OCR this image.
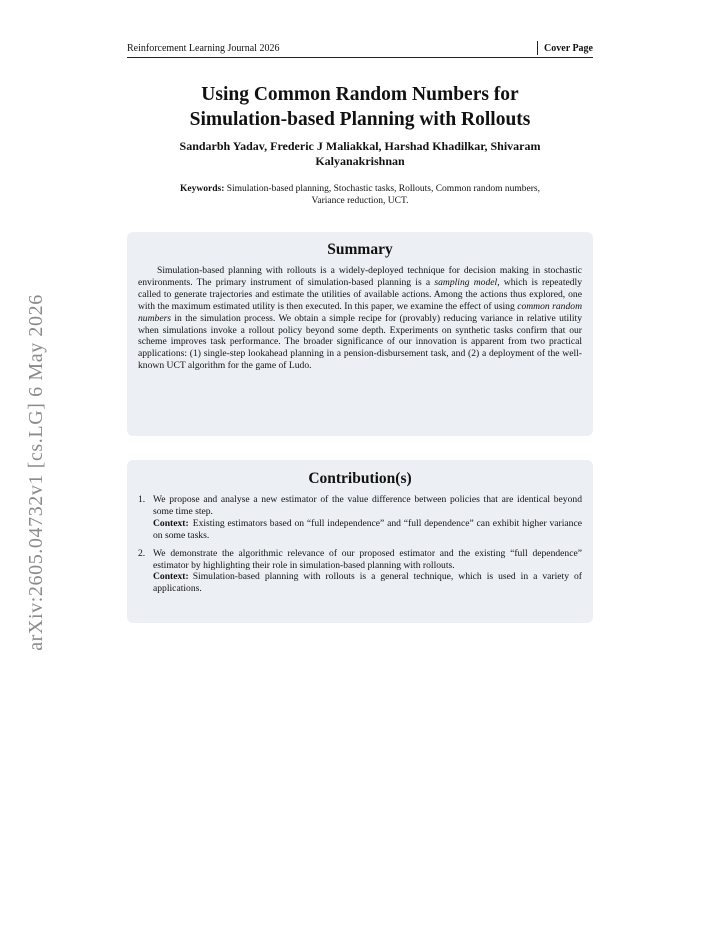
arXiv:2605.04732v1 [cs.LG] 6 May 2026
Reinforcement Learning Journal 2026	Cover Page
Using Common Random Numbers for
Simulation-based Planning with Rollouts
Sandarbh Yadav, Frederic J Maliakkal, Harshad Khadilkar, Shivaram
Kalyanakrishnan
Keywords: Simulation-based planning, Stochastic tasks, Rollouts, Common random numbers,
Variance reduction, UCT.
Summary

Simulation-based planning with rollouts is a widely-deployed technique for decision making in stochastic environments. The primary instrument of simulation-based planning is a sampling model, which is repeatedly called to generate trajectories and estimate the utilities of available actions. Among the actions thus explored, one with the maximum estimated utility is then executed. In this paper, we examine the effect of using common random numbers in the simulation process. We obtain a simple recipe for (provably) reducing variance in relative utility when simulations invoke a rollout policy beyond some depth. Experiments on synthetic tasks confirm that our scheme improves task performance. The broader significance of our innovation is apparent from two practical applications: (1) single-step lookahead planning in a pension-disbursement task, and (2) a deployment of the well-known UCT algorithm for the game of Ludo.

Contribution(s)
1. We propose and analyse a new estimator of the value difference between policies that are identical beyond some time step.
Context: Existing estimators based on “full independence” and “full dependence” can exhibit higher variance on some tasks.
2. We demonstrate the algorithmic relevance of our proposed estimator and the existing “full dependence” estimator by highlighting their role in simulation-based planning with rollouts.
Context: Simulation-based planning with rollouts is a general technique, which is used in a variety of applications.
